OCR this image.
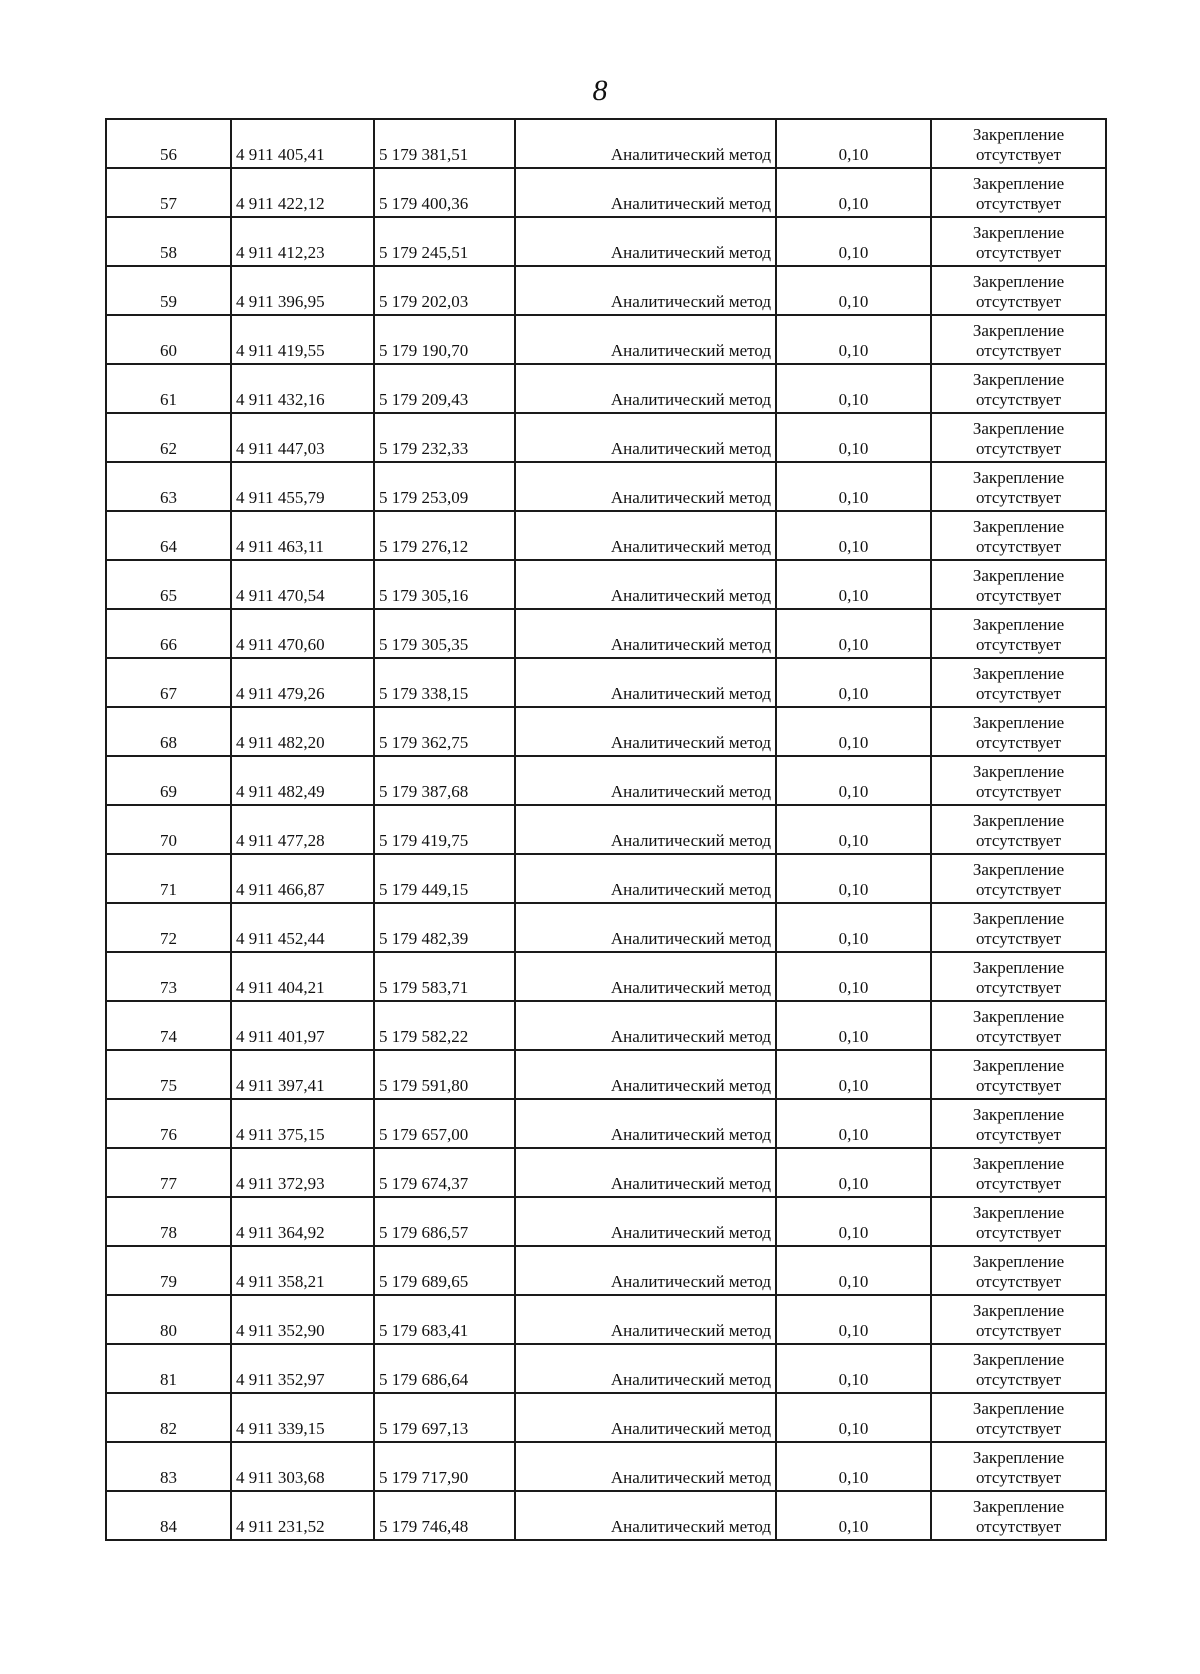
8
56	4 911 405,41	5 179 381,51	Аналитический метод	0,10	Закрепление
отсутствует

57	4 911 422,12	5 179 400,36	Аналитический метод	0,10	Закрепление
отсутствует

58	4 911 412,23	5 179 245,51	Аналитический метод	0,10	Закрепление
отсутствует

59	4 911 396,95	5 179 202,03	Аналитический метод	0,10	Закрепление
отсутствует

60	4 911 419,55	5 179 190,70	Аналитический метод	0,10	Закрепление
отсутствует

61	4 911 432,16	5 179 209,43	Аналитический метод	0,10	Закрепление
отсутствует

62	4 911 447,03	5 179 232,33	Аналитический метод	0,10	Закрепление
отсутствует

63	4 911 455,79	5 179 253,09	Аналитический метод	0,10	Закрепление
отсутствует

64	4 911 463,11	5 179 276,12	Аналитический метод	0,10	Закрепление
отсутствует

65	4 911 470,54	5 179 305,16	Аналитический метод	0,10	Закрепление
отсутствует

66	4 911 470,60	5 179 305,35	Аналитический метод	0,10	Закрепление
отсутствует

67	4 911 479,26	5 179 338,15	Аналитический метод	0,10	Закрепление
отсутствует

68	4 911 482,20	5 179 362,75	Аналитический метод	0,10	Закрепление
отсутствует

69	4 911 482,49	5 179 387,68	Аналитический метод	0,10	Закрепление
отсутствует

70	4 911 477,28	5 179 419,75	Аналитический метод	0,10	Закрепление
отсутствует

71	4 911 466,87	5 179 449,15	Аналитический метод	0,10	Закрепление
отсутствует

72	4 911 452,44	5 179 482,39	Аналитический метод	0,10	Закрепление
отсутствует

73	4 911 404,21	5 179 583,71	Аналитический метод	0,10	Закрепление
отсутствует

74	4 911 401,97	5 179 582,22	Аналитический метод	0,10	Закрепление
отсутствует

75	4 911 397,41	5 179 591,80	Аналитический метод	0,10	Закрепление
отсутствует

76	4 911 375,15	5 179 657,00	Аналитический метод	0,10	Закрепление
отсутствует

77	4 911 372,93	5 179 674,37	Аналитический метод	0,10	Закрепление
отсутствует

78	4 911 364,92	5 179 686,57	Аналитический метод	0,10	Закрепление
отсутствует

79	4 911 358,21	5 179 689,65	Аналитический метод	0,10	Закрепление
отсутствует

80	4 911 352,90	5 179 683,41	Аналитический метод	0,10	Закрепление
отсутствует

81	4 911 352,97	5 179 686,64	Аналитический метод	0,10	Закрепление
отсутствует

82	4 911 339,15	5 179 697,13	Аналитический метод	0,10	Закрепление
отсутствует

83	4 911 303,68	5 179 717,90	Аналитический метод	0,10	Закрепление
отсутствует

84	4 911 231,52	5 179 746,48	Аналитический метод	0,10	Закрепление
отсутствует
